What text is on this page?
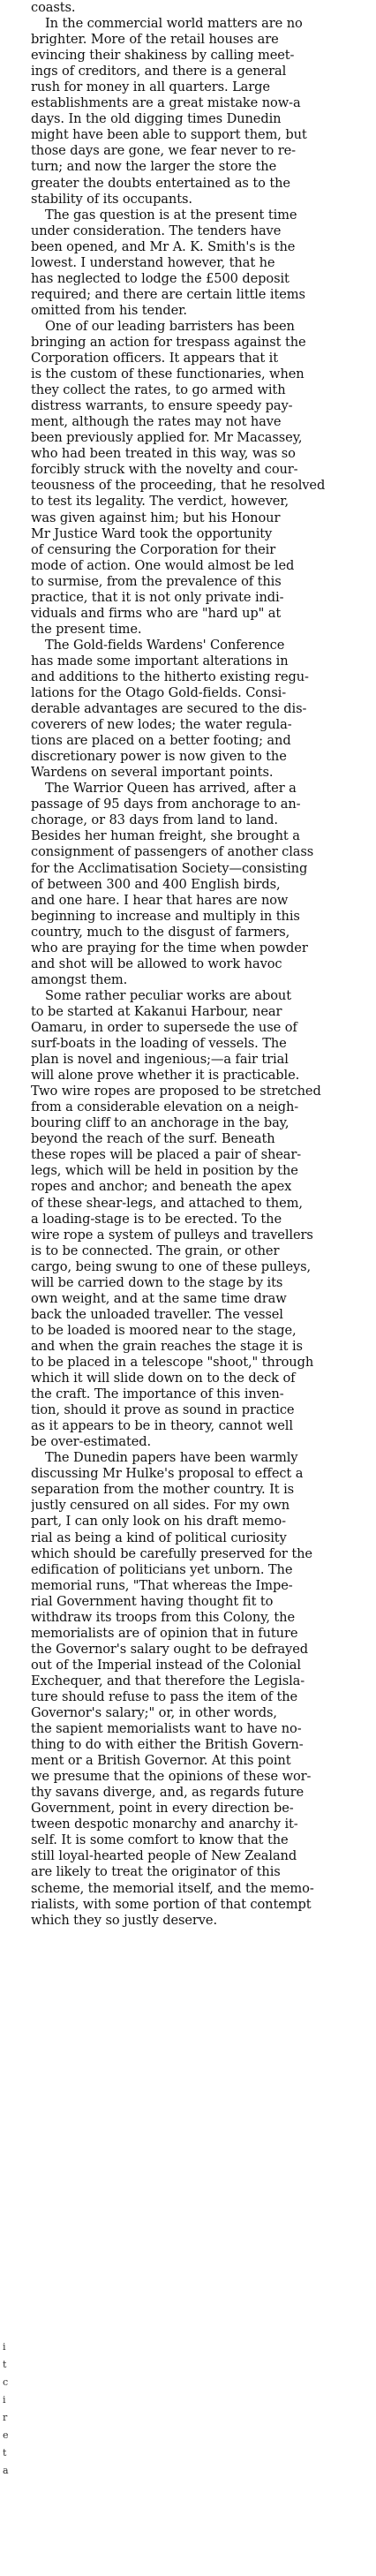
coasts.
In the commercial world matters are no
brighter. More of the retail houses are
evincing their shakiness by calling meet-
ings of creditors, and there is a general
rush for money in all quarters. Large
establishments are a great mistake now-a
days. In the old digging times Dunedin
might have been able to support them, but
those days are gone, we fear never to re-
turn; and now the larger the store the
greater the doubts entertained as to the
stability of its occupants.
The gas question is at the present time
under consideration. The tenders have
been opened, and Mr A. K. Smith's is the
lowest. I understand however, that he
has neglected to lodge the £500 deposit
required; and there are certain little items
omitted from his tender.
One of our leading barristers has been
bringing an action for trespass against the
Corporation officers. It appears that it
is the custom of these functionaries, when
they collect the rates, to go armed with
distress warrants, to ensure speedy pay-
ment, although the rates may not have
been previously applied for. Mr Macassey,
who had been treated in this way, was so
forcibly struck with the novelty and cour-
teousness of the proceeding, that he resolved
to test its legality. The verdict, however,
was given against him; but his Honour
Mr Justice Ward took the opportunity
of censuring the Corporation for their
mode of action. One would almost be led
to surmise, from the prevalence of this
practice, that it is not only private indi-
viduals and firms who are "hard up" at
the present time.
The Gold-fields Wardens' Conference
has made some important alterations in
and additions to the hitherto existing regu-
lations for the Otago Gold-fields. Consi-
derable advantages are secured to the dis-
coverers of new lodes; the water regula-
tions are placed on a better footing; and
discretionary power is now given to the
Wardens on several important points.
The Warrior Queen has arrived, after a
passage of 95 days from anchorage to an-
chorage, or 83 days from land to land.
Besides her human freight, she brought a
consignment of passengers of another class
for the Acclimatisation Society—consisting
of between 300 and 400 English birds,
and one hare. I hear that hares are now
beginning to increase and multiply in this
country, much to the disgust of farmers,
who are praying for the time when powder
and shot will be allowed to work havoc
amongst them.
Some rather peculiar works are about
to be started at Kakanui Harbour, near
Oamaru, in order to supersede the use of
surf-boats in the loading of vessels. The
plan is novel and ingenious;—a fair trial
will alone prove whether it is practicable.
Two wire ropes are proposed to be stretched
from a considerable elevation on a neigh-
bouring cliff to an anchorage in the bay,
beyond the reach of the surf. Beneath
these ropes will be placed a pair of shear-
legs, which will be held in position by the
ropes and anchor; and beneath the apex
of these shear-legs, and attached to them,
a loading-stage is to be erected. To the
wire rope a system of pulleys and travellers
is to be connected. The grain, or other
cargo, being swung to one of these pulleys,
will be carried down to the stage by its
own weight, and at the same time draw
back the unloaded traveller. The vessel
to be loaded is moored near to the stage,
and when the grain reaches the stage it is
to be placed in a telescope "shoot," through
which it will slide down on to the deck of
the craft. The importance of this inven-
tion, should it prove as sound in practice
as it appears to be in theory, cannot well
be over-estimated.
The Dunedin papers have been warmly
discussing Mr Hulke's proposal to effect a
separation from the mother country. It is
justly censured on all sides. For my own
part, I can only look on his draft memo-
rial as being a kind of political curiosity
which should be carefully preserved for the
edification of politicians yet unborn. The
memorial runs, "That whereas the Impe-
rial Government having thought fit to
withdraw its troops from this Colony, the
memorialists are of opinion that in future
the Governor's salary ought to be defrayed
out of the Imperial instead of the Colonial
Exchequer, and that therefore the Legisla-
ture should refuse to pass the item of the
Governor's salary;" or, in other words,
the sapient memorialists want to have no-
thing to do with either the British Govern-
ment or a British Governor. At this point
we presume that the opinions of these wor-
thy savans diverge, and, as regards future
Government, point in every direction be-
tween despotic monarchy and anarchy it-
self. It is some comfort to know that the
still loyal-hearted people of New Zealand
are likely to treat the originator of this
scheme, the memorial itself, and the memo-
rialists, with some portion of that contempt
which they so justly deserve.
i
t
c
i
r
e
t
a
